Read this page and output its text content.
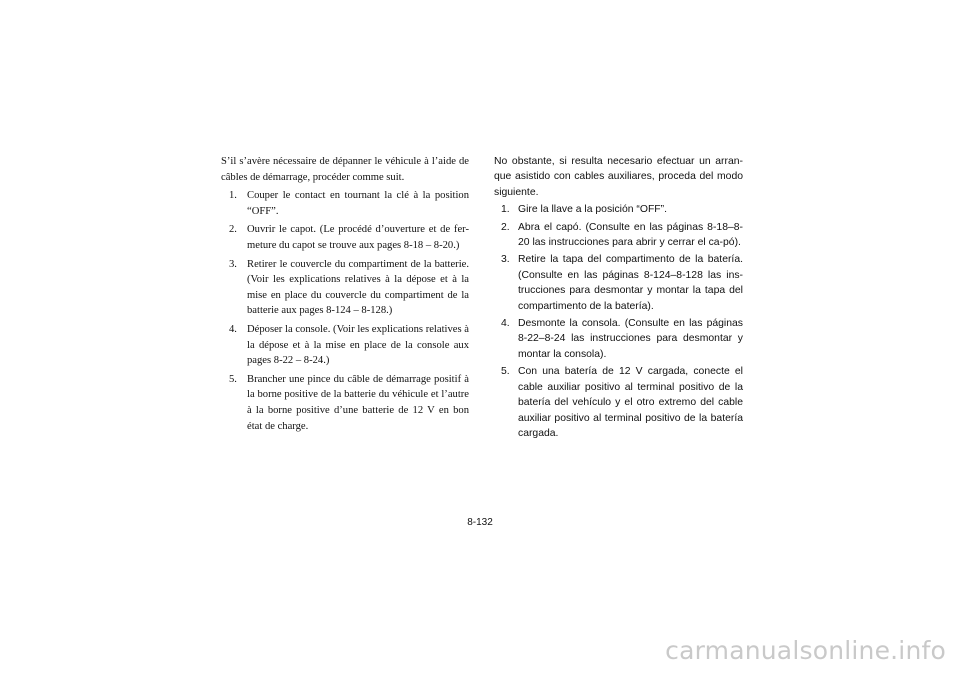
S’il s’avère nécessaire de dépanner le véhicule à l’aide de câbles de démarrage, procéder comme suit.

1. Couper le contact en tournant la clé à la position “OFF”.
2. Ouvrir le capot. (Le procédé d’ouverture et de fer-meture du capot se trouve aux pages 8-18 – 8-20.)
3. Retirer le couvercle du compartiment de la batterie. (Voir les explications relatives à la dépose et à la mise en place du couvercle du compartiment de la batterie aux pages 8-124 – 8-128.)
4. Déposer la console. (Voir les explications relatives à la dépose et à la mise en place de la console aux pages 8-22 – 8-24.)
5. Brancher une pince du câble de démarrage positif à la borne positive de la batterie du véhicule et l’autre à la borne positive d’une batterie de 12 V en bon état de charge.

No obstante, si resulta necesario efectuar un arran-que asistido con cables auxiliares, proceda del modo siguiente.

1. Gire la llave a la posición “OFF”.
2. Abra el capó. (Consulte en las páginas 8-18–8-20 las instrucciones para abrir y cerrar el ca-pó).
3. Retire la tapa del compartimento de la batería. (Consulte en las páginas 8-124–8-128 las ins-trucciones para desmontar y montar la tapa del compartimento de la batería).
4. Desmonte la consola. (Consulte en las páginas 8-22–8-24 las instrucciones para desmontar y montar la consola).
5. Con una batería de 12 V cargada, conecte el cable auxiliar positivo al terminal positivo de la batería del vehículo y el otro extremo del cable auxiliar positivo al terminal positivo de la batería cargada.
8-132
carmanualsonline.info
